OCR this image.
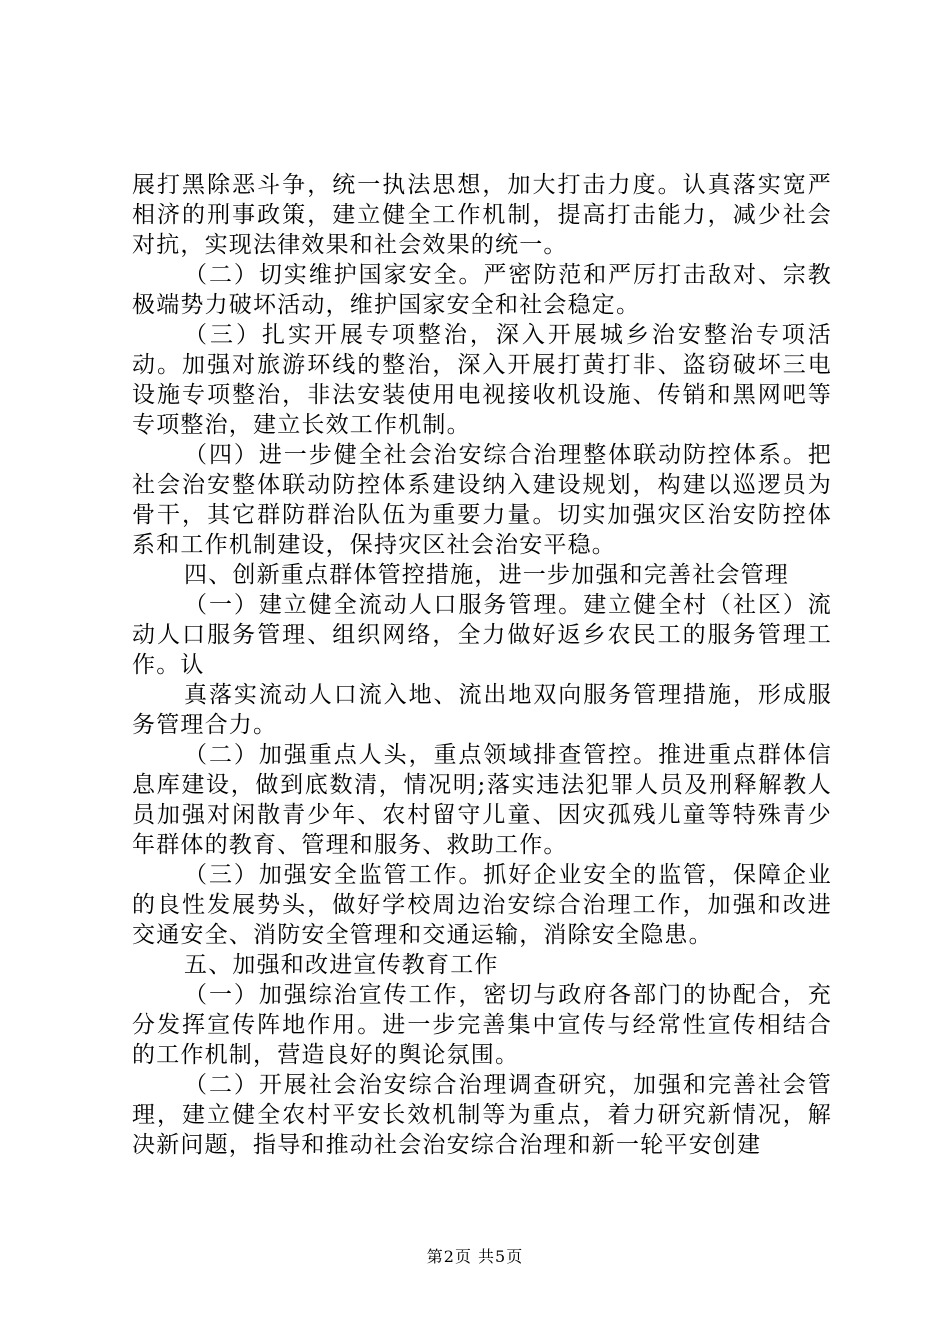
展打黑除恶斗争，统一执法思想，加大打击力度。认真落实宽严相济的刑事政策，建立健全工作机制，提高打击能力，减少社会对抗，实现法律效果和社会效果的统一。

（二）切实维护国家安全。严密防范和严厉打击敌对、宗教极端势力破坏活动，维护国家安全和社会稳定。

（三）扎实开展专项整治，深入开展城乡治安整治专项活动。加强对旅游环线的整治，深入开展打黄打非、盗窃破坏三电设施专项整治，非法安装使用电视接收机设施、传销和黑网吧等专项整治，建立长效工作机制。

（四）进一步健全社会治安综合治理整体联动防控体系。把社会治安整体联动防控体系建设纳入建设规划，构建以巡逻员为骨干，其它群防群治队伍为重要力量。切实加强灾区治安防控体系和工作机制建设，保持灾区社会治安平稳。

四、创新重点群体管控措施，进一步加强和完善社会管理

（一）建立健全流动人口服务管理。建立健全村（社区）流动人口服务管理、组织网络，全力做好返乡农民工的服务管理工作。认

真落实流动人口流入地、流出地双向服务管理措施，形成服务管理合力。

（二）加强重点人头，重点领域排查管控。推进重点群体信息库建设，做到底数清，情况明;落实违法犯罪人员及刑释解教人员加强对闲散青少年、农村留守儿童、因灾孤残儿童等特殊青少年群体的教育、管理和服务、救助工作。

（三）加强安全监管工作。抓好企业安全的监管，保障企业的良性发展势头，做好学校周边治安综合治理工作，加强和改进交通安全、消防安全管理和交通运输，消除安全隐患。

五、加强和改进宣传教育工作

（一）加强综治宣传工作，密切与政府各部门的协配合，充分发挥宣传阵地作用。进一步完善集中宣传与经常性宣传相结合的工作机制，营造良好的舆论氛围。

（二）开展社会治安综合治理调查研究，加强和完善社会管理，建立健全农村平安长效机制等为重点，着力研究新情况，解决新问题，指导和推动社会治安综合治理和新一轮平安创建

第2页 共5页
